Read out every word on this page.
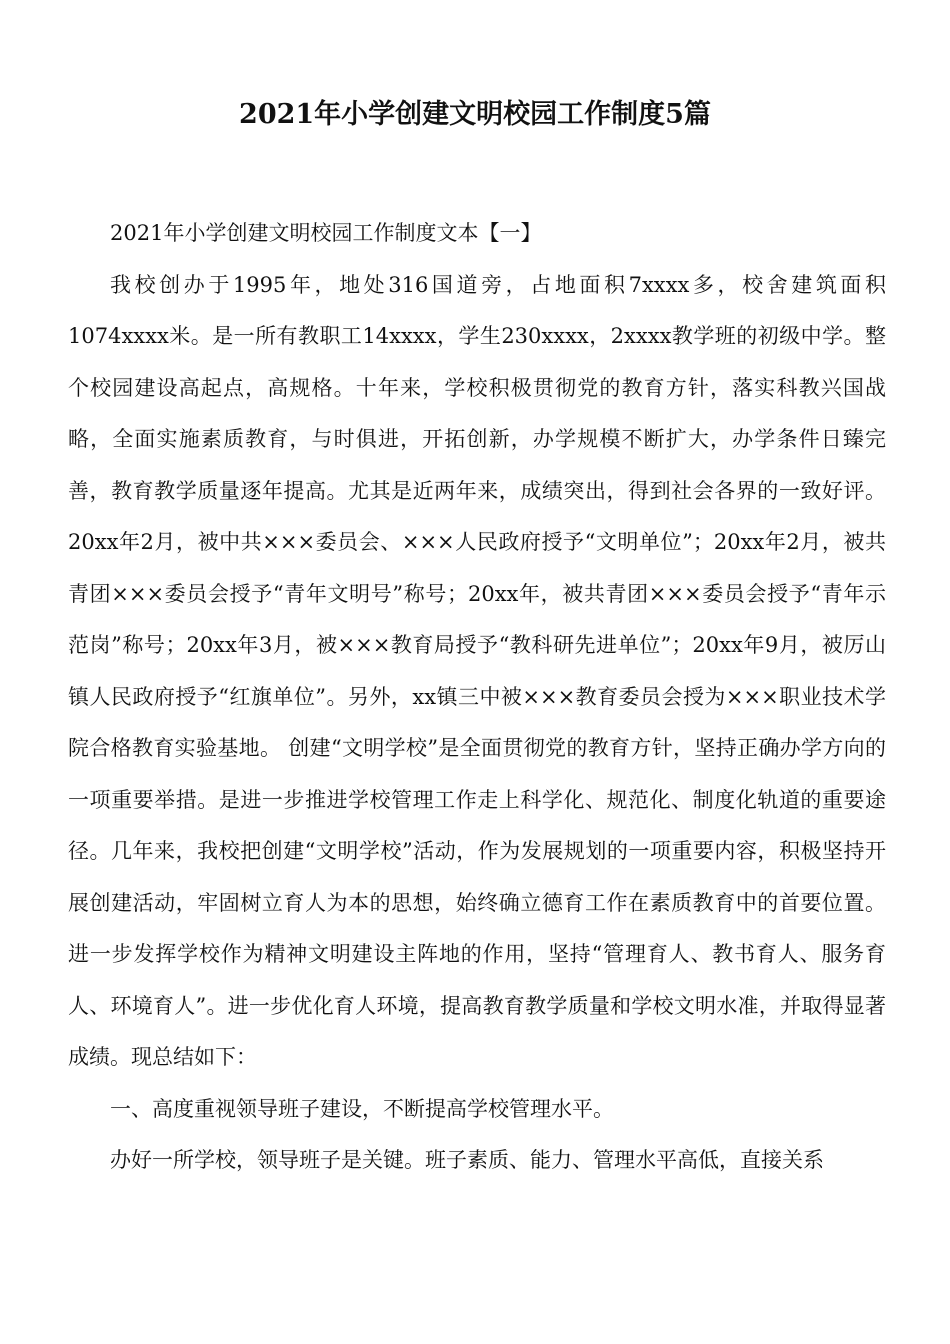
2021年小学创建文明校园工作制度5篇

2021年小学创建文明校园工作制度文本【一】

我校创办于1995年，地处316国道旁，占地面积7xxxx多，校舍建筑面积1074xxxx米。是一所有教职工14xxxx，学生230xxxx，2xxxx教学班的初级中学。整个校园建设高起点，高规格。十年来，学校积极贯彻党的教育方针，落实科教兴国战略，全面实施素质教育，与时俱进，开拓创新，办学规模不断扩大，办学条件日臻完善，教育教学质量逐年提高。尤其是近两年来，成绩突出，得到社会各界的一致好评。20xx年2月，被中共×××委员会、×××人民政府授予“文明单位”；20xx年2月，被共青团×××委员会授予“青年文明号”称号；20xx年，被共青团×××委员会授予“青年示范岗”称号；20xx年3月，被×××教育局授予“教科研先进单位”；20xx年9月，被厉山镇人民政府授予“红旗单位”。另外，xx镇三中被×××教育委员会授为×××职业技术学院合格教育实验基地。 创建“文明学校”是全面贯彻党的教育方针，坚持正确办学方向的一项重要举措。是进一步推进学校管理工作走上科学化、规范化、制度化轨道的重要途径。几年来，我校把创建“文明学校”活动，作为发展规划的一项重要内容，积极坚持开展创建活动，牢固树立育人为本的思想，始终确立德育工作在素质教育中的首要位置。进一步发挥学校作为精神文明建设主阵地的作用，坚持“管理育人、教书育人、服务育人、环境育人”。进一步优化育人环境，提高教育教学质量和学校文明水准，并取得显著成绩。现总结如下：

一、高度重视领导班子建设，不断提高学校管理水平。

办好一所学校，领导班子是关键。班子素质、能力、管理水平高低，直接关系
